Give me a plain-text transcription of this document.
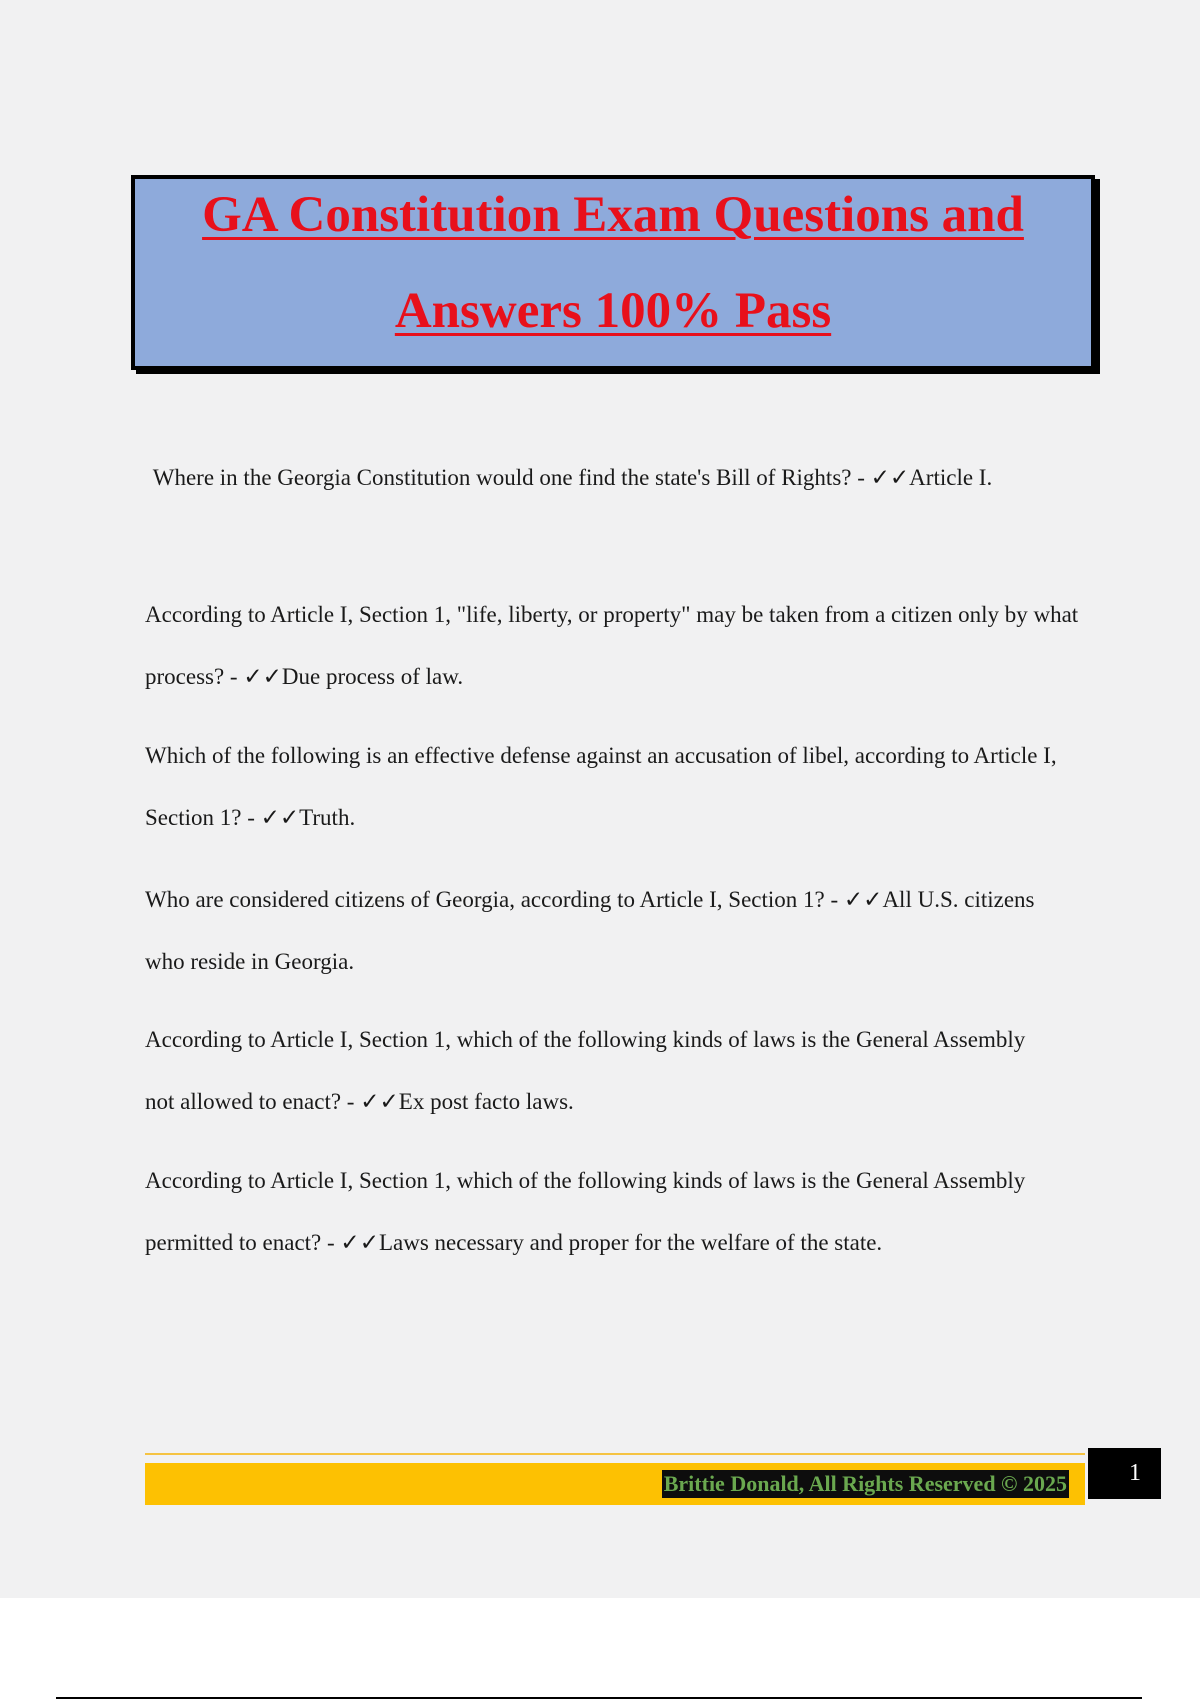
GA Constitution Exam Questions and
Answers 100% Pass

Where in the Georgia Constitution would one find the state's Bill of Rights? - ✓✓Article I.

According to Article I, Section 1, "life, liberty, or property" may be taken from a citizen only by what process? - ✓✓Due process of law.

Which of the following is an effective defense against an accusation of libel, according to Article I, Section 1? - ✓✓Truth.

Who are considered citizens of Georgia, according to Article I, Section 1? - ✓✓All U.S. citizens who reside in Georgia.

According to Article I, Section 1, which of the following kinds of laws is the General Assembly not allowed to enact? - ✓✓Ex post facto laws.

According to Article I, Section 1, which of the following kinds of laws is the General Assembly permitted to enact? - ✓✓Laws necessary and proper for the welfare of the state.

Brittie Donald, All Rights Reserved © 2025	1
